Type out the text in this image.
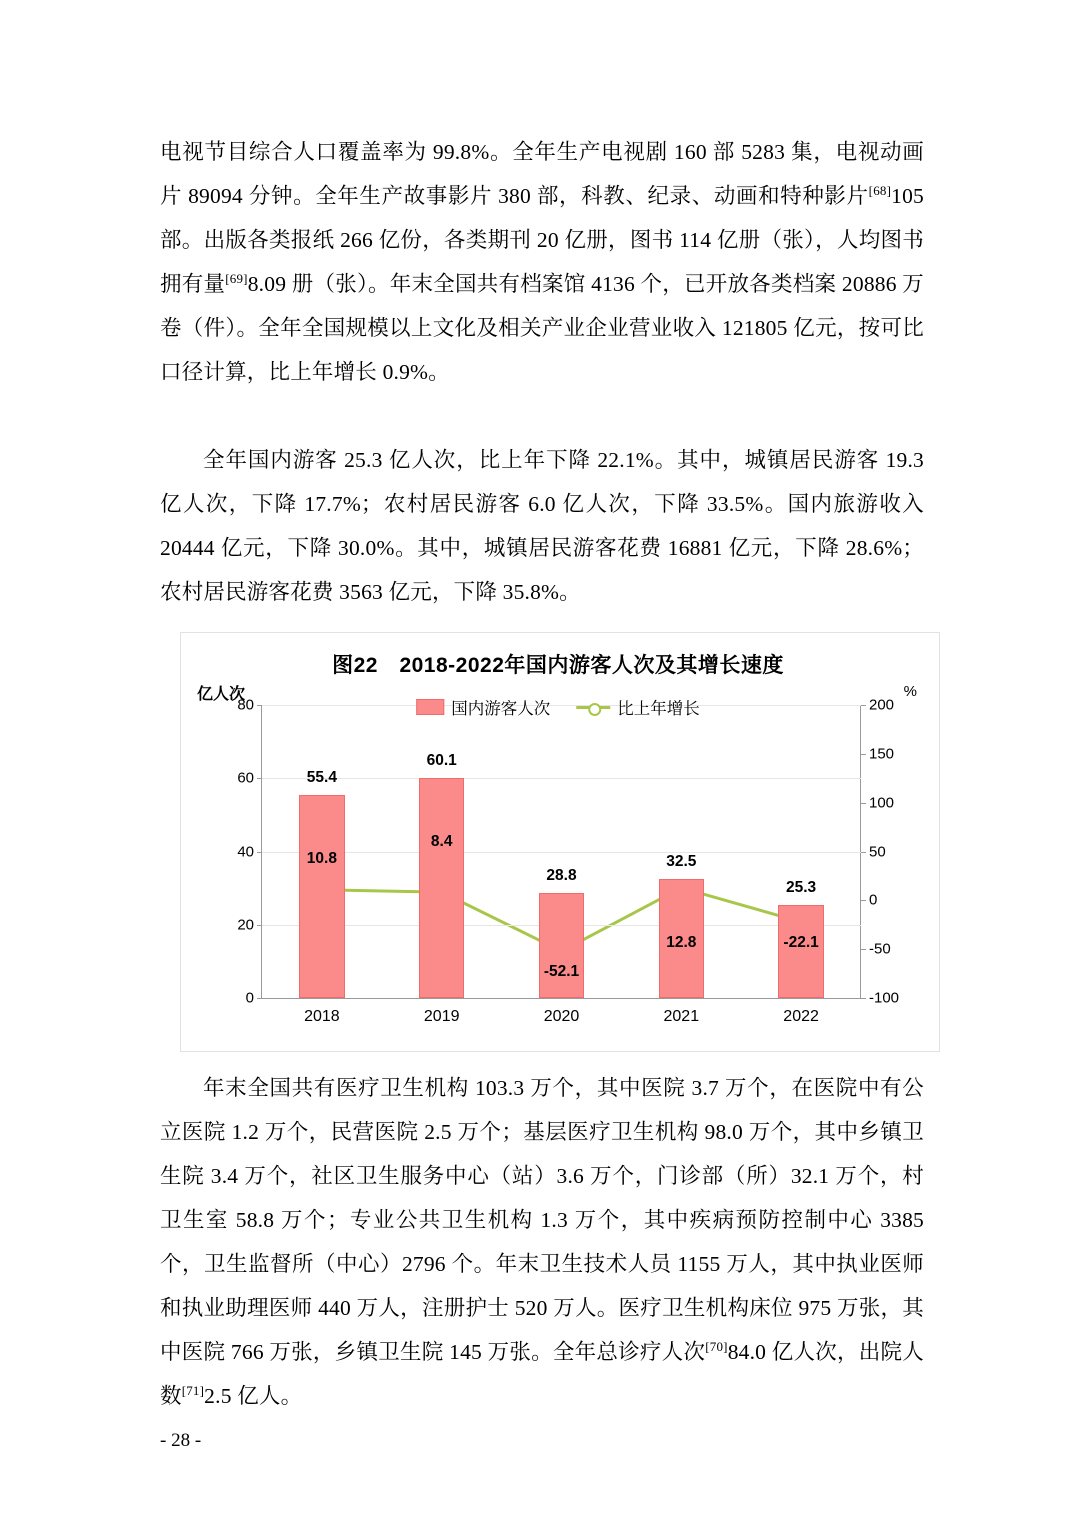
电视节目综合人口覆盖率为 99.8%。全年生产电视剧 160 部 5283 集，电视动画片 89094 分钟。全年生产故事影片 380 部，科教、纪录、动画和特种影片[68]105 部。出版各类报纸 266 亿份，各类期刊 20 亿册，图书 114 亿册（张），人均图书拥有量[69]8.09 册（张）。年末全国共有档案馆 4136 个，已开放各类档案 20886 万卷（件）。全年全国规模以上文化及相关产业企业营业收入 121805 亿元，按可比口径计算，比上年增长 0.9%。

全年国内游客 25.3 亿人次，比上年下降 22.1%。其中，城镇居民游客 19.3 亿人次，下降 17.7%；农村居民游客 6.0 亿人次，下降 33.5%。国内旅游收入 20444 亿元，下降 30.0%。其中，城镇居民游客花费 16881 亿元，下降 28.6%；农村居民游客花费 3563 亿元，下降 35.8%。

图22　2018-2022年国内游客人次及其增长速度
亿人次	%
0
20
40
60
80
-100
-50
0
50
100
150
200
55.4
2018
60.1
2019
28.8
2020
32.5
2021
25.3
2022
10.8
8.4
-52.1
12.8	-22.1
国内游客人次	比上年增长

年末全国共有医疗卫生机构 103.3 万个，其中医院 3.7 万个，在医院中有公立医院 1.2 万个，民营医院 2.5 万个；基层医疗卫生机构 98.0 万个，其中乡镇卫生院 3.4 万个，社区卫生服务中心（站）3.6 万个，门诊部（所）32.1 万个，村卫生室 58.8 万个；专业公共卫生机构 1.3 万个，其中疾病预防控制中心 3385 个，卫生监督所（中心）2796 个。年末卫生技术人员 1155 万人，其中执业医师和执业助理医师 440 万人，注册护士 520 万人。医疗卫生机构床位 975 万张，其中医院 766 万张，乡镇卫生院 145 万张。全年总诊疗人次[70]84.0 亿人次，出院人数[71]2.5 亿人。

- 28 -
